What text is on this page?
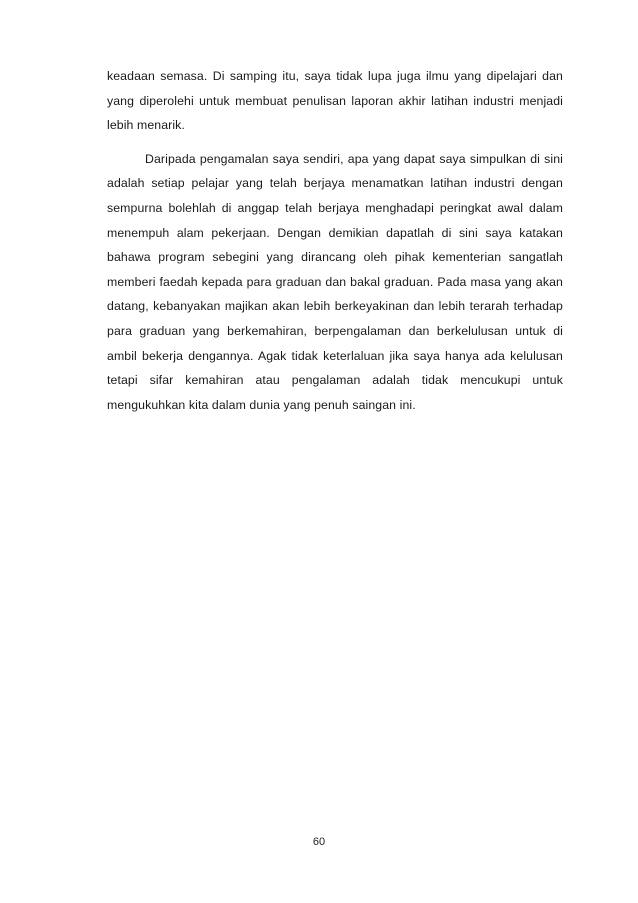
keadaan semasa. Di samping itu, saya tidak lupa juga ilmu yang dipelajari dan yang diperolehi untuk membuat penulisan laporan akhir latihan industri menjadi lebih menarik.

Daripada pengamalan saya sendiri, apa yang dapat saya simpulkan di sini adalah setiap pelajar yang telah berjaya menamatkan latihan industri dengan sempurna bolehlah di anggap telah berjaya menghadapi peringkat awal dalam menempuh alam pekerjaan. Dengan demikian dapatlah di sini saya katakan bahawa program sebegini yang dirancang oleh pihak kementerian sangatlah memberi faedah kepada para graduan dan bakal graduan. Pada masa yang akan datang, kebanyakan majikan akan lebih berkeyakinan dan lebih terarah terhadap para graduan yang berkemahiran, berpengalaman dan berkelulusan untuk di ambil bekerja dengannya. Agak tidak keterlaluan jika saya hanya ada kelulusan tetapi sifar kemahiran atau pengalaman adalah tidak mencukupi untuk mengukuhkan kita dalam dunia yang penuh saingan ini.

60
